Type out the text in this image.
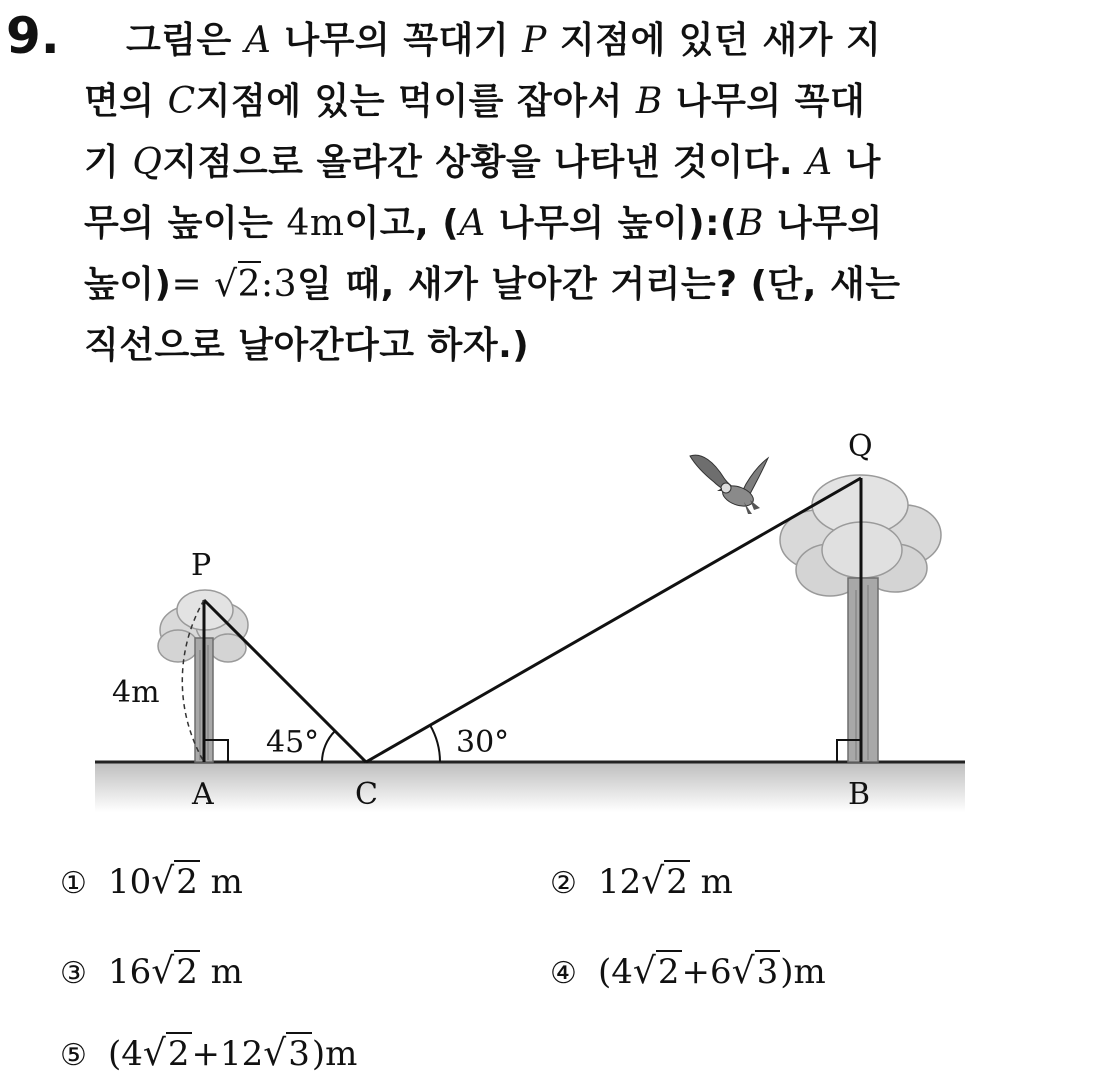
9.	그림은 A 나무의 꼭대기 P 지점에 있던 새가 지
면의 C지점에 있는 먹이를 잡아서 B 나무의 꼭대
기 Q지점으로 올라간 상황을 나타낸 것이다. A 나
무의 높이는 4m이고, (A 나무의 높이):(B 나무의
높이)= √2:3일 때, 새가 날아간 거리는? (단, 새는
직선으로 날아간다고 하자.)
P
Q
A	C	B
4m
45°	30°
① 10√2 m	② 12√2 m
③ 16√2 m	④ (4√2+6√3)m
⑤ (4√2+12√3)m
